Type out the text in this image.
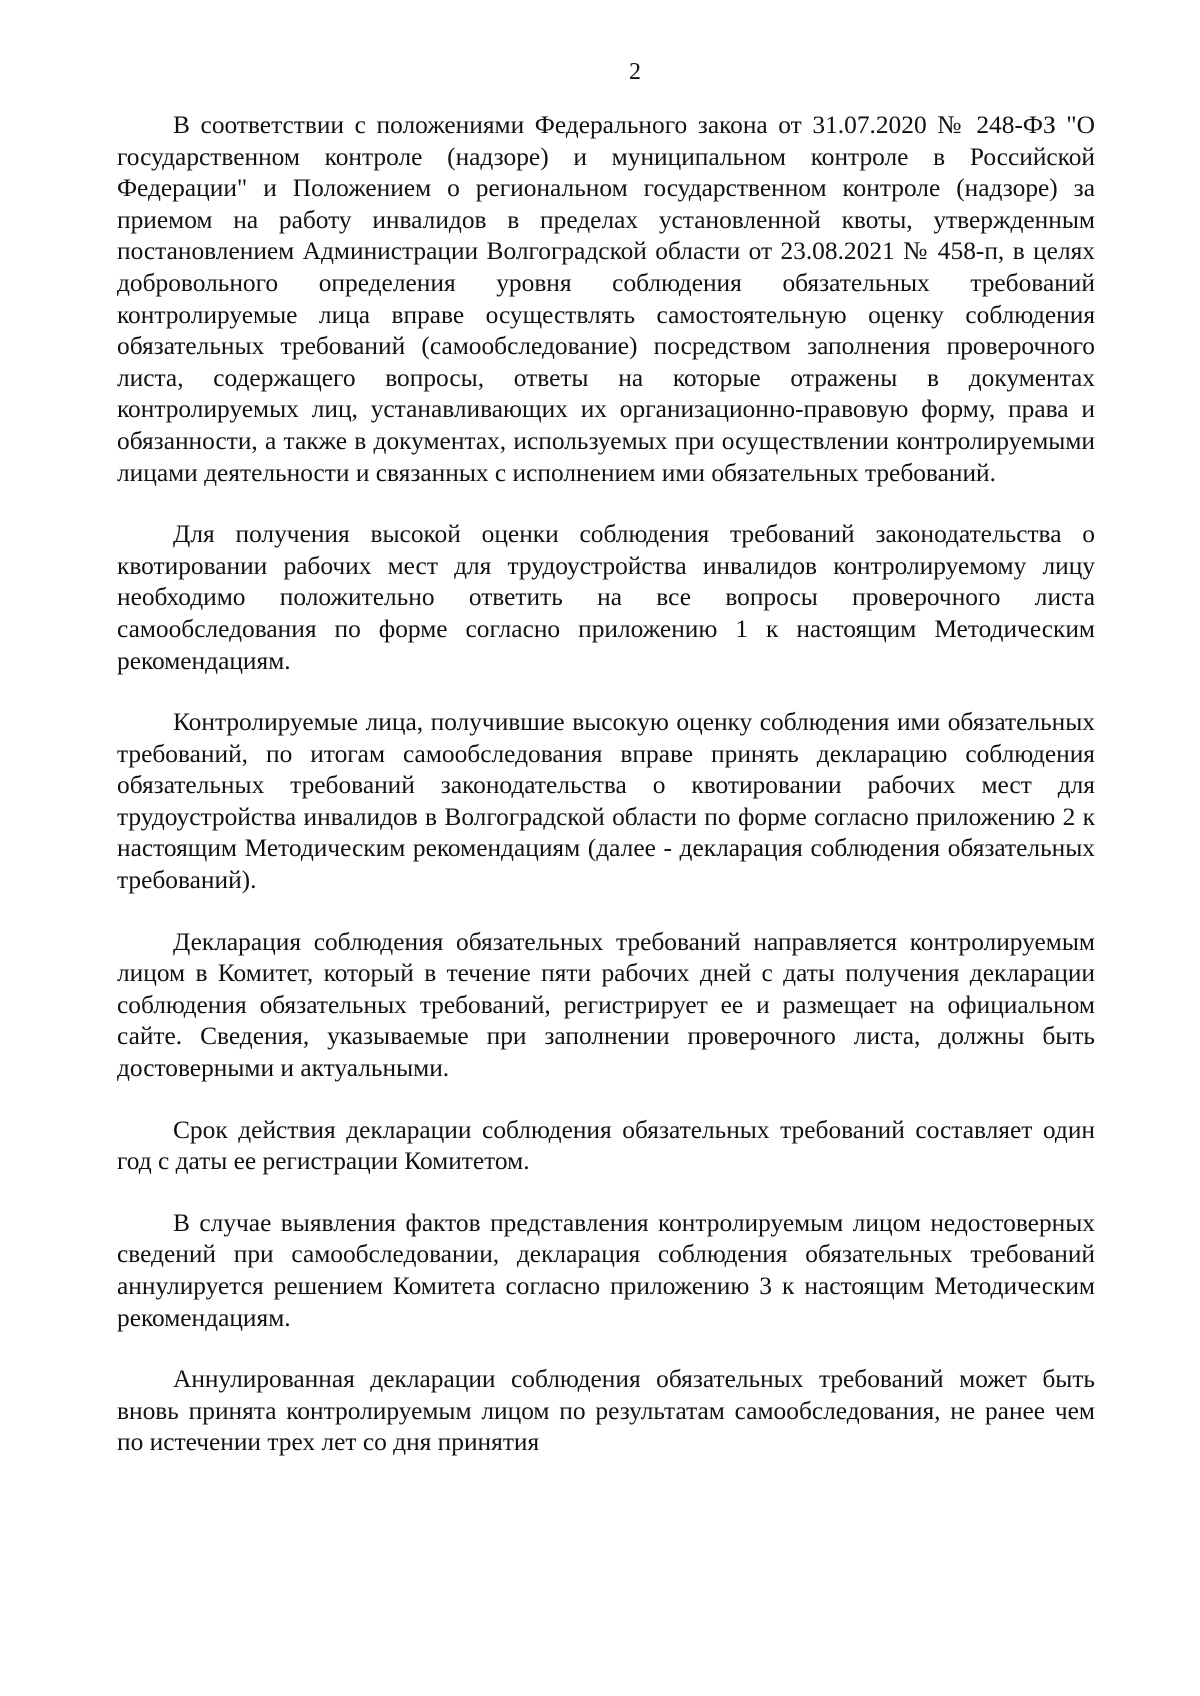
2

В соответствии с положениями Федерального закона от 31.07.2020 № 248-ФЗ "О государственном контроле (надзоре) и муниципальном контроле в Российской Федерации" и Положением о региональном государственном контроле (надзоре) за приемом на работу инвалидов в пределах установленной квоты, утвержденным постановлением Администрации Волгоградской области от 23.08.2021 № 458-п, в целях добровольного определения уровня соблюдения обязательных требований контролируемые лица вправе осуществлять самостоятельную оценку соблюдения обязательных требований (самообследование) посредством заполнения проверочного листа, содержащего вопросы, ответы на которые отражены в документах контролируемых лиц, устанавливающих их организационно-правовую форму, права и обязанности, а также в документах, используемых при осуществлении контролируемыми лицами деятельности и связанных с исполнением ими обязательных требований.

Для получения высокой оценки соблюдения требований законодательства о квотировании рабочих мест для трудоустройства инвалидов контролируемому лицу необходимо положительно ответить на все вопросы проверочного листа самообследования по форме согласно приложению 1 к настоящим Методическим рекомендациям.

Контролируемые лица, получившие высокую оценку соблюдения ими обязательных требований, по итогам самообследования вправе принять декларацию соблюдения обязательных требований законодательства о квотировании рабочих мест для трудоустройства инвалидов в Волгоградской области по форме согласно приложению 2 к настоящим Методическим рекомендациям (далее - декларация соблюдения обязательных требований).

Декларация соблюдения обязательных требований направляется контролируемым лицом в Комитет, который в течение пяти рабочих дней с даты получения декларации соблюдения обязательных требований, регистрирует ее и размещает на официальном сайте. Сведения, указываемые при заполнении проверочного листа, должны быть достоверными и актуальными.

Срок действия декларации соблюдения обязательных требований составляет один год с даты ее регистрации Комитетом.

В случае выявления фактов представления контролируемым лицом недостоверных сведений при самообследовании, декларация соблюдения обязательных требований аннулируется решением Комитета согласно приложению 3 к настоящим Методическим рекомендациям.

Аннулированная декларации соблюдения обязательных требований может быть вновь принята контролируемым лицом по результатам самообследования, не ранее чем по истечении трех лет со дня принятия
